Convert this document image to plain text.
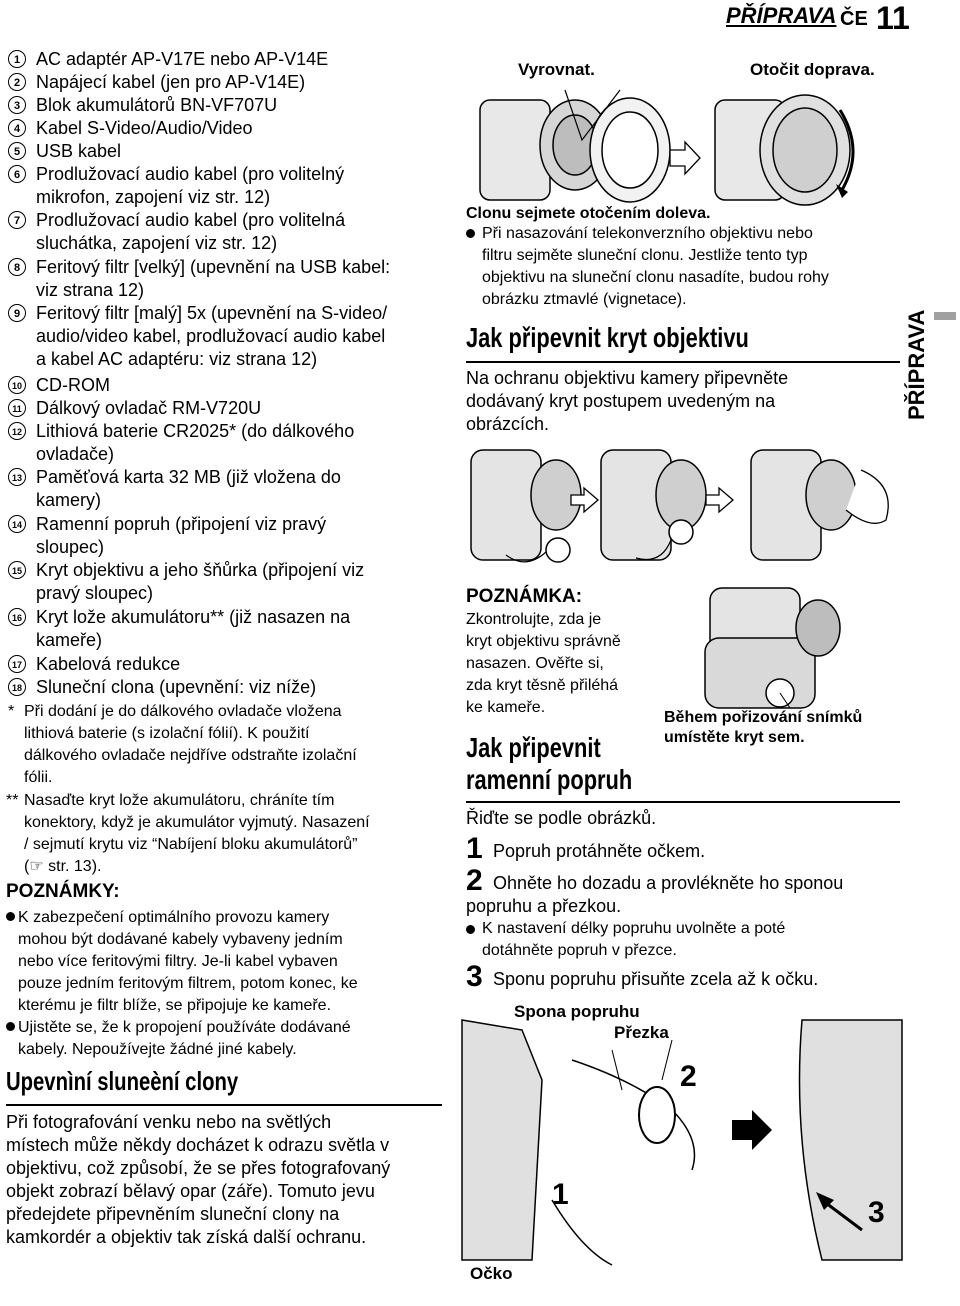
PŘÍPRAVA ČE 11
PŘÍPRAVA
1 AC adaptér AP-V17E nebo AP-V14E
2 Napájecí kabel (jen pro AP-V14E)
3 Blok akumulátorů BN-VF707U
4 Kabel S-Video/Audio/Video
5 USB kabel
6 Prodlužovací audio kabel (pro volitelný
mikrofon, zapojení viz str. 12)
7 Prodlužovací audio kabel (pro volitelná
sluchátka, zapojení viz str. 12)
8 Feritový filtr [velký] (upevnění na USB kabel:
viz strana 12)
9 Feritový filtr [malý] 5x (upevnění na S-video/
audio/video kabel, prodlužovací audio kabel
a kabel AC adaptéru: viz strana 12)
10 CD-ROM
11 Dálkový ovladač RM-V720U
12 Lithiová baterie CR2025* (do dálkového
ovladače)
13 Paměťová karta 32 MB (již vložena do
kamery)
14 Ramenní popruh (připojení viz pravý
sloupec)
15 Kryt objektivu a jeho šňůrka (připojení viz
pravý sloupec)
16 Kryt lože akumulátoru** (již nasazen na
kameře)
17 Kabelová redukce
18 Sluneční clona (upevnění: viz níže)
* Při dodání je do dálkového ovladače vložena
lithiová baterie (s izolační fólií). K použití
dálkového ovladače nejdříve odstraňte izolační
fólii.
** Nasaďte kryt lože akumulátoru, chráníte tím
konektory, když je akumulátor vyjmutý. Nasazení
/ sejmutí krytu viz “Nabíjení bloku akumulátorů”
(☞ str. 13).
POZNÁMKY:
K zabezpečení optimálního provozu kamery
mohou být dodávané kabely vybaveny jedním
nebo více feritovými filtry. Je-li kabel vybaven
pouze jedním feritovým filtrem, potom konec, ke
kterému je filtr blíže, se připojuje ke kameře.
Ujistěte se, že k propojení používáte dodávané
kabely. Nepoužívejte žádné jiné kabely.
Upevnìní sluneèní clony
Při fotografování venku nebo na světlých
místech může někdy docházet k odrazu světla v
objektivu, což způsobí, že se přes fotografovaný
objekt zobrazí bělavý opar (záře). Tomuto jevu
předejdete připevněním sluneční clony na
kamkordér a objektiv tak získá další ochranu.
Vyrovnat.	Otočit doprava.
Clonu sejmete otočením doleva.
Při nasazování telekonverzního objektivu nebo
filtru sejměte sluneční clonu. Jestliže tento typ
objektivu na sluneční clonu nasadíte, budou rohy
obrázku ztmavlé (vignetace).
Jak připevnit kryt objektivu
Na ochranu objektivu kamery připevněte
dodávaný kryt postupem uvedeným na
obrázcích.
POZNÁMKA:
Zkontrolujte, zda je
kryt objektivu správně
nasazen. Ověřte si,
zda kryt těsně přiléhá
ke kameře.
Během pořizování snímků
umístěte kryt sem.
Jak připevnit
ramenní popruh
Řiďte se podle obrázků.
1 Popruh protáhněte očkem.
2 Ohněte ho dozadu a provlékněte ho sponou
popruhu a přezkou.
K nastavení délky popruhu uvolněte a poté
dotáhněte popruh v přezce.
3 Sponu popruhu přisuňte zcela až k očku.
Spona popruhu
Přezka
2
1
3
Očko
